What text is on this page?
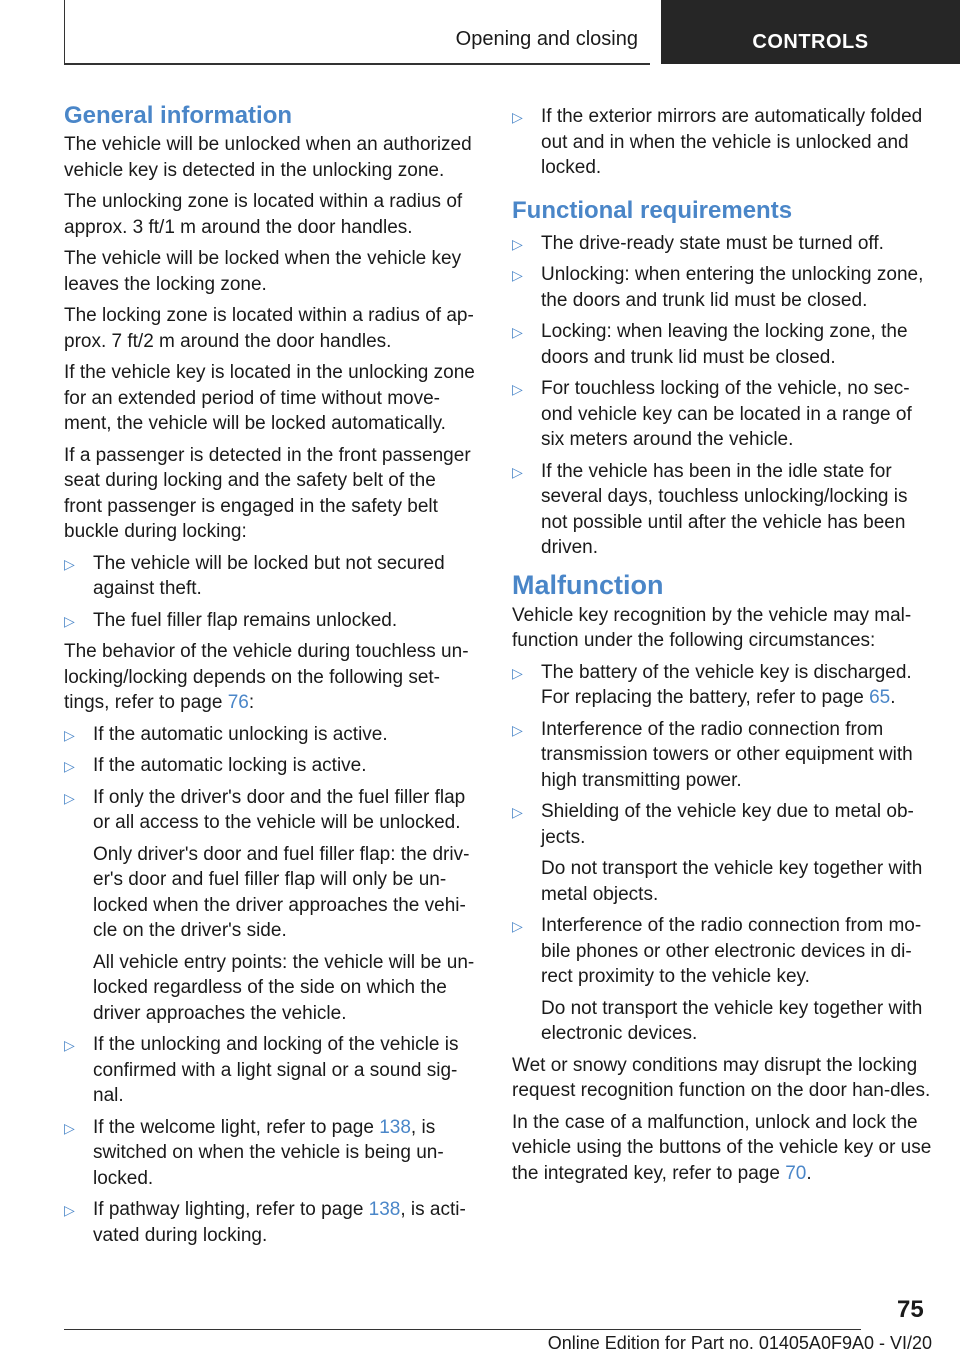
Opening and closing	CONTROLS
General information

The vehicle will be unlocked when an authorized vehicle key is detected in the unlocking zone.

The unlocking zone is located within a radius of approx. 3 ft/1 m around the door handles.

The vehicle will be locked when the vehicle key leaves the locking zone.

The locking zone is located within a radius of ap‐prox. 7 ft/2 m around the door handles.

If the vehicle key is located in the unlocking zone for an extended period of time without move‐ment, the vehicle will be locked automatically.

If a passenger is detected in the front passenger seat during locking and the safety belt of the front passenger is engaged in the safety belt buckle during locking:

▷ The vehicle will be locked but not secured against theft.
▷ The fuel filler flap remains unlocked.

The behavior of the vehicle during touchless un‐locking/locking depends on the following set‐tings, refer to page 76:

▷ If the automatic unlocking is active.
▷ If the automatic locking is active.
▷ If only the driver's door and the fuel filler flap or all access to the vehicle will be unlocked.

Only driver's door and fuel filler flap: the driv‐er's door and fuel filler flap will only be un‐locked when the driver approaches the vehi‐cle on the driver's side.

All vehicle entry points: the vehicle will be un‐locked regardless of the side on which the driver approaches the vehicle.

▷ If the unlocking and locking of the vehicle is confirmed with a light signal or a sound sig‐nal.
▷ If the welcome light, refer to page 138, is switched on when the vehicle is being un‐locked.
▷ If pathway lighting, refer to page 138, is acti‐vated during locking.
▷ If the exterior mirrors are automatically folded out and in when the vehicle is unlocked and locked.
Functional requirements
▷ The drive-ready state must be turned off.
▷ Unlocking: when entering the unlocking zone, the doors and trunk lid must be closed.
▷ Locking: when leaving the locking zone, the doors and trunk lid must be closed.
▷ For touchless locking of the vehicle, no sec‐ond vehicle key can be located in a range of six meters around the vehicle.
▷ If the vehicle has been in the idle state for several days, touchless unlocking/locking is not possible until after the vehicle has been driven.
Malfunction

Vehicle key recognition by the vehicle may mal‐function under the following circumstances:

▷ The battery of the vehicle key is discharged. For replacing the battery, refer to page 65.
▷ Interference of the radio connection from transmission towers or other equipment with high transmitting power.
▷ Shielding of the vehicle key due to metal ob‐jects.

Do not transport the vehicle key together with metal objects.

▷ Interference of the radio connection from mo‐bile phones or other electronic devices in di‐rect proximity to the vehicle key.

Do not transport the vehicle key together with electronic devices.

Wet or snowy conditions may disrupt the locking request recognition function on the door han‐dles.

In the case of a malfunction, unlock and lock the vehicle using the buttons of the vehicle key or use the integrated key, refer to page 70.

75
Online Edition for Part no. 01405A0F9A0 - VI/20
